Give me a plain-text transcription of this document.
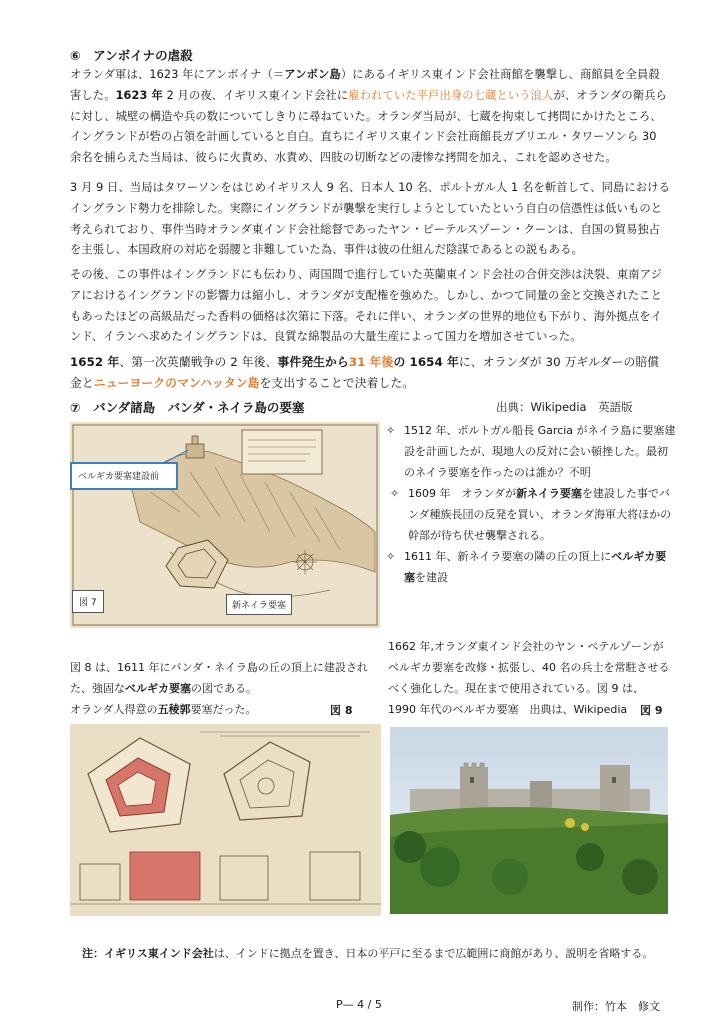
⑥　アンボイナの虐殺
オランダ軍は、1623 年にアンボイナ（＝アンボン島）にあるイギリス東インド会社商館を襲撃し、商館員を全員殺害した。1623 年 2 月の夜、イギリス東インド会社に雇われていた平戸出身の七蔵という浪人が、オランダの衛兵らに対し、城壁の構造や兵の数についてしきりに尋ねていた。オランダ当局が、七蔵を拘束して拷問にかけたところ、イングランドが砦の占領を計画していると自白。直ちにイギリス東インド会社商館長ガブリエル・タワーソンら 30 余名を捕らえた当局は、彼らに火責め、水責め、四肢の切断などの凄惨な拷問を加え、これを認めさせた。
3 月 9 日、当局はタワーソンをはじめイギリス人 9 名、日本人 10 名、ポルトガル人 1 名を斬首して、同島におけるイングランド勢力を排除した。実際にイングランドが襲撃を実行しようとしていたという自白の信憑性は低いものと考えられており、事件当時オランダ東インド会社総督であったヤン・ピーテルスゾーン・クーンは、自国の貿易独占を主張し、本国政府の対応を弱腰と非難していた為、事件は彼の仕組んだ陰謀であるとの説もある。
その後、この事件はイングランドにも伝わり、両国間で進行していた英蘭東インド会社の合併交渉は決裂、東南アジアにおけるイングランドの影響力は縮小し、オランダが支配権を強めた。しかし、かつて同量の金と交換されたこともあったほどの高級品だった香料の価格は次第に下落。それに伴い、オランダの世界的地位も下がり、海外拠点をインド、イランへ求めたイングランドは、良質な綿製品の大量生産によって国力を増加させていった。
1652 年、第一次英蘭戦争の 2 年後、事件発生から31 年後の 1654 年に、オランダが 30 万ギルダーの賠償金とニューヨークのマンハッタン島を支出することで決着した。
⑦　バンダ諸島　バンダ・ネイラ島の要塞	出典：Wikipedia　英語版
ベルギカ要塞建設前
図 7	新ネイラ要塞
✧ 1512 年、ポルトガル船長 Garcia がネイラ島に要塞建設を計画したが、現地人の反対に会い頓挫した。最初のネイラ要塞を作ったのは誰か？不明
✧ 1609 年　オランダが新ネイラ要塞を建設した事でバンダ種族長団の反発を買い、オランダ海軍大将ほかの幹部が待ち伏せ襲撃される。
✧ 1611 年、新ネイラ要塞の隣の丘の頂上にベルギカ要塞を建設
図 8 は、1611 年にバンダ・ネイラ島の丘の頂上に建設された、強固なベルギカ要塞の図である。
オランダ人得意の五稜郭要塞だった。	図 8
1662 年,オランダ東インド会社のヤン・ペテルゾーンがベルギカ要塞を改修・拡張し、40 名の兵士を常駐させるべく強化した。現在まで使用されている。図 9 は、1990 年代のベルギカ要塞　出典は、Wikipedia	図 9
注：イギリス東インド会社は、インドに拠点を置き、日本の平戸に至るまで広範囲に商館があり、説明を省略する。
P— 4 / 5	制作：竹本　修文
